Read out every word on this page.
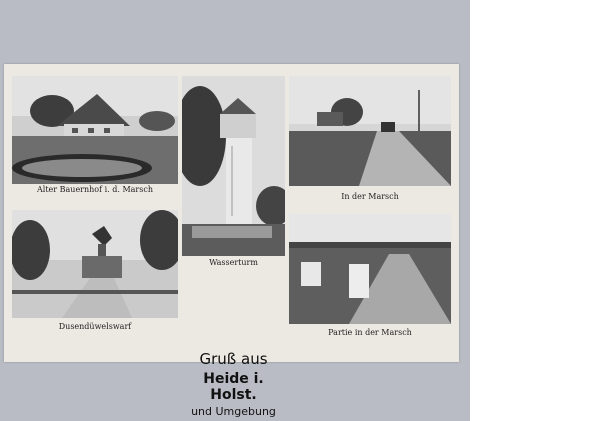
Alter Bauernhof i. d. Marsch
Wasserturm
In der Marsch
Dusendüwelswarf
Gruß aus
Heide i. Holst.
und Umgebung
Partie in der Marsch
